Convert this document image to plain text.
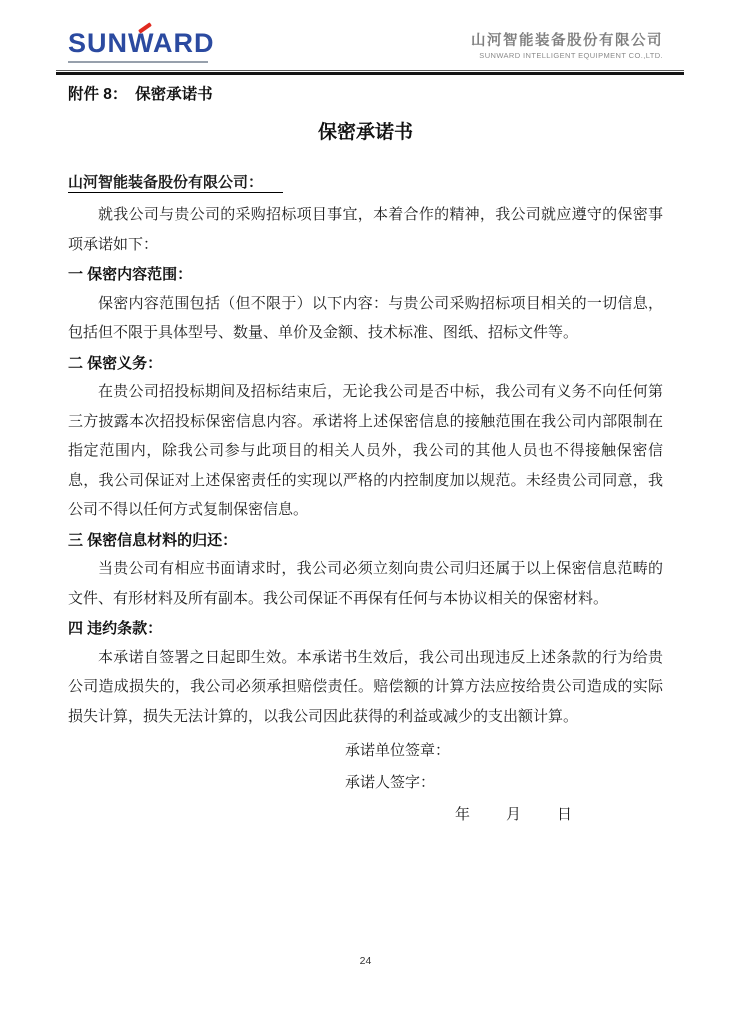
SUNWARD	山河智能装备股份有限公司
SUNWARD INTELLIGENT EQUIPMENT CO.,LTD.
附件 8：　保密承诺书
保密承诺书
山河智能装备股份有限公司：

就我公司与贵公司的采购招标项目事宜，本着合作的精神，我公司就应遵守的保密事项承诺如下：

一 保密内容范围：

保密内容范围包括（但不限于）以下内容：与贵公司采购招标项目相关的一切信息，包括但不限于具体型号、数量、单价及金额、技术标准、图纸、招标文件等。

二 保密义务：

在贵公司招投标期间及招标结束后，无论我公司是否中标，我公司有义务不向任何第三方披露本次招投标保密信息内容。承诺将上述保密信息的接触范围在我公司内部限制在指定范围内，除我公司参与此项目的相关人员外，我公司的其他人员也不得接触保密信息，我公司保证对上述保密责任的实现以严格的内控制度加以规范。未经贵公司同意，我公司不得以任何方式复制保密信息。

三 保密信息材料的归还：

当贵公司有相应书面请求时，我公司必须立刻向贵公司归还属于以上保密信息范畴的文件、有形材料及所有副本。我公司保证不再保有任何与本协议相关的保密材料。

四 违约条款：

本承诺自签署之日起即生效。本承诺书生效后，我公司出现违反上述条款的行为给贵公司造成损失的，我公司必须承担赔偿责任。赔偿额的计算方法应按给贵公司造成的实际损失计算，损失无法计算的，以我公司因此获得的利益或减少的支出额计算。

承诺单位签章：
承诺人签字：
年　　月　　日
24
